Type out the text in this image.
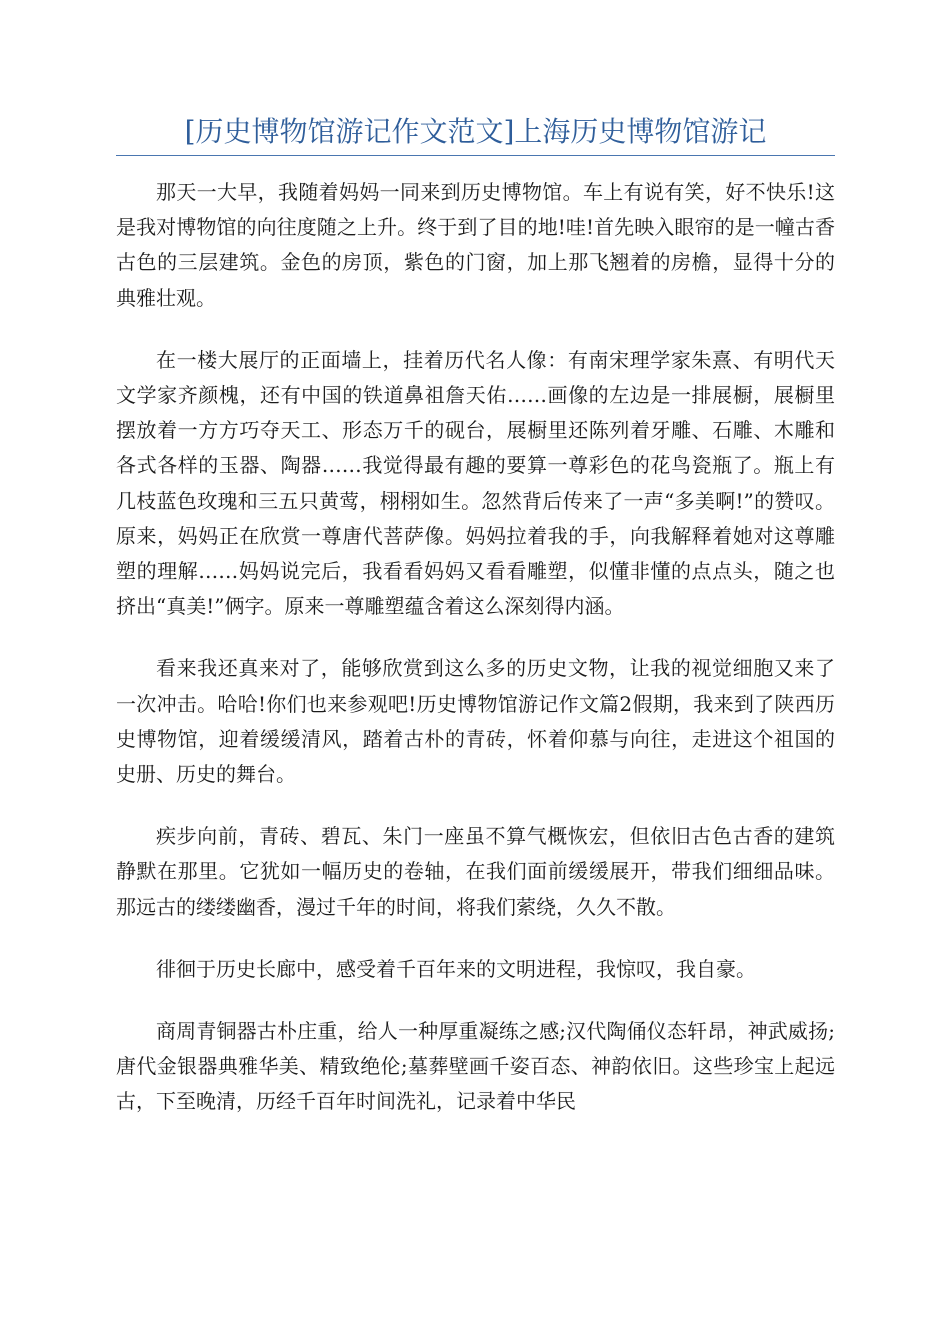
[历史博物馆游记作文范文]上海历史博物馆游记

那天一大早，我随着妈妈一同来到历史博物馆。车上有说有笑，好不快乐!这是我对博物馆的向往度随之上升。终于到了目的地!哇!首先映入眼帘的是一幢古香古色的三层建筑。金色的房顶，紫色的门窗，加上那飞翘着的房檐，显得十分的典雅壮观。

在一楼大展厅的正面墙上，挂着历代名人像：有南宋理学家朱熹、有明代天文学家齐颜槐，还有中国的铁道鼻祖詹天佑……画像的左边是一排展橱，展橱里摆放着一方方巧夺天工、形态万千的砚台，展橱里还陈列着牙雕、石雕、木雕和各式各样的玉器、陶器……我觉得最有趣的要算一尊彩色的花鸟瓷瓶了。瓶上有几枝蓝色玫瑰和三五只黄莺，栩栩如生。忽然背后传来了一声“多美啊!”的赞叹。原来，妈妈正在欣赏一尊唐代菩萨像。妈妈拉着我的手，向我解释着她对这尊雕塑的理解……妈妈说完后，我看看妈妈又看看雕塑，似懂非懂的点点头，随之也挤出“真美!”俩字。原来一尊雕塑蕴含着这么深刻得内涵。

看来我还真来对了，能够欣赏到这么多的历史文物，让我的视觉细胞又来了一次冲击。哈哈!你们也来参观吧!历史博物馆游记作文篇2假期，我来到了陕西历史博物馆，迎着缓缓清风，踏着古朴的青砖，怀着仰慕与向往，走进这个祖国的史册、历史的舞台。

疾步向前，青砖、碧瓦、朱门一座虽不算气概恢宏，但依旧古色古香的建筑静默在那里。它犹如一幅历史的卷轴，在我们面前缓缓展开，带我们细细品味。那远古的缕缕幽香，漫过千年的时间，将我们萦绕，久久不散。

徘徊于历史长廊中，感受着千百年来的文明进程，我惊叹，我自豪。

商周青铜器古朴庄重，给人一种厚重凝练之感;汉代陶俑仪态轩昂，神武威扬;唐代金银器典雅华美、精致绝伦;墓葬壁画千姿百态、神韵依旧。这些珍宝上起远古，下至晚清，历经千百年时间洗礼，记录着中华民
